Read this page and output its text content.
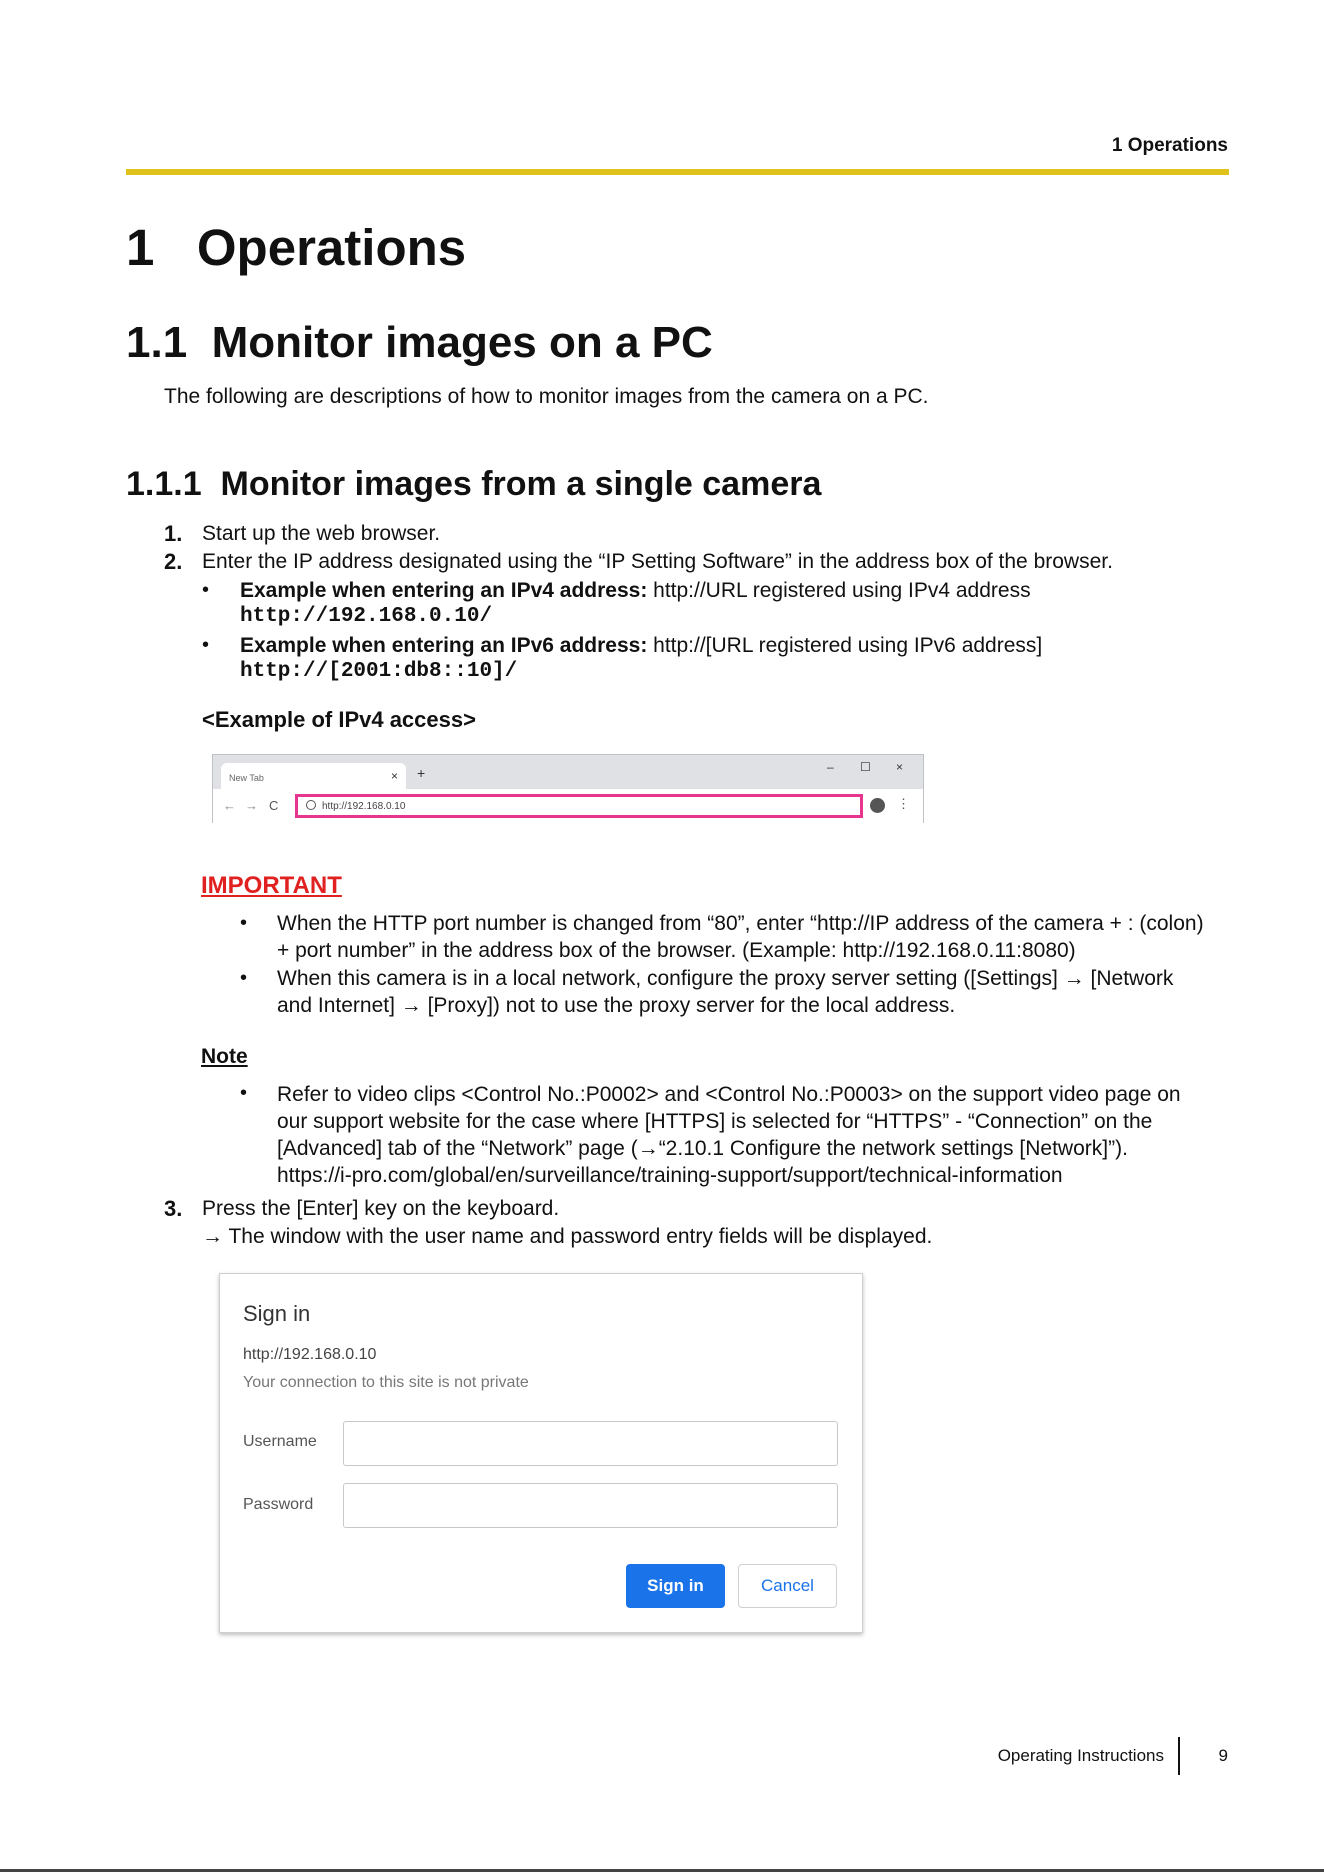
1 Operations
1 Operations
1.1 Monitor images on a PC
The following are descriptions of how to monitor images from the camera on a PC.
1.1.1 Monitor images from a single camera
1. Start up the web browser.
2. Enter the IP address designated using the “IP Setting Software” in the address box of the browser.
• Example when entering an IPv4 address: http://URL registered using IPv4 address
http://192.168.0.10/
• Example when entering an IPv6 address: http://[URL registered using IPv6 address]
http://[2001:db8::10]/
<Example of IPv4 access>
New Tab	× +	– ☐ ×
← → C	http://192.168.0.10	⋮
IMPORTANT
• When the HTTP port number is changed from “80”, enter “http://IP address of the camera + : (colon)
+ port number” in the address box of the browser. (Example: http://192.168.0.11:8080)
• When this camera is in a local network, configure the proxy server setting ([Settings] → [Network
and Internet] → [Proxy]) not to use the proxy server for the local address.
Note
• Refer to video clips <Control No.:P0002> and <Control No.:P0003> on the support video page on
our support website for the case where [HTTPS] is selected for “HTTPS” - “Connection” on the
[Advanced] tab of the “Network” page (→“2.10.1 Configure the network settings [Network]”).
https://i-pro.com/global/en/surveillance/training-support/support/technical-information
3. Press the [Enter] key on the keyboard.
→ The window with the user name and password entry fields will be displayed.
Sign in
http://192.168.0.10
Your connection to this site is not private
Username
Password
Sign in	Cancel
Operating Instructions	9
